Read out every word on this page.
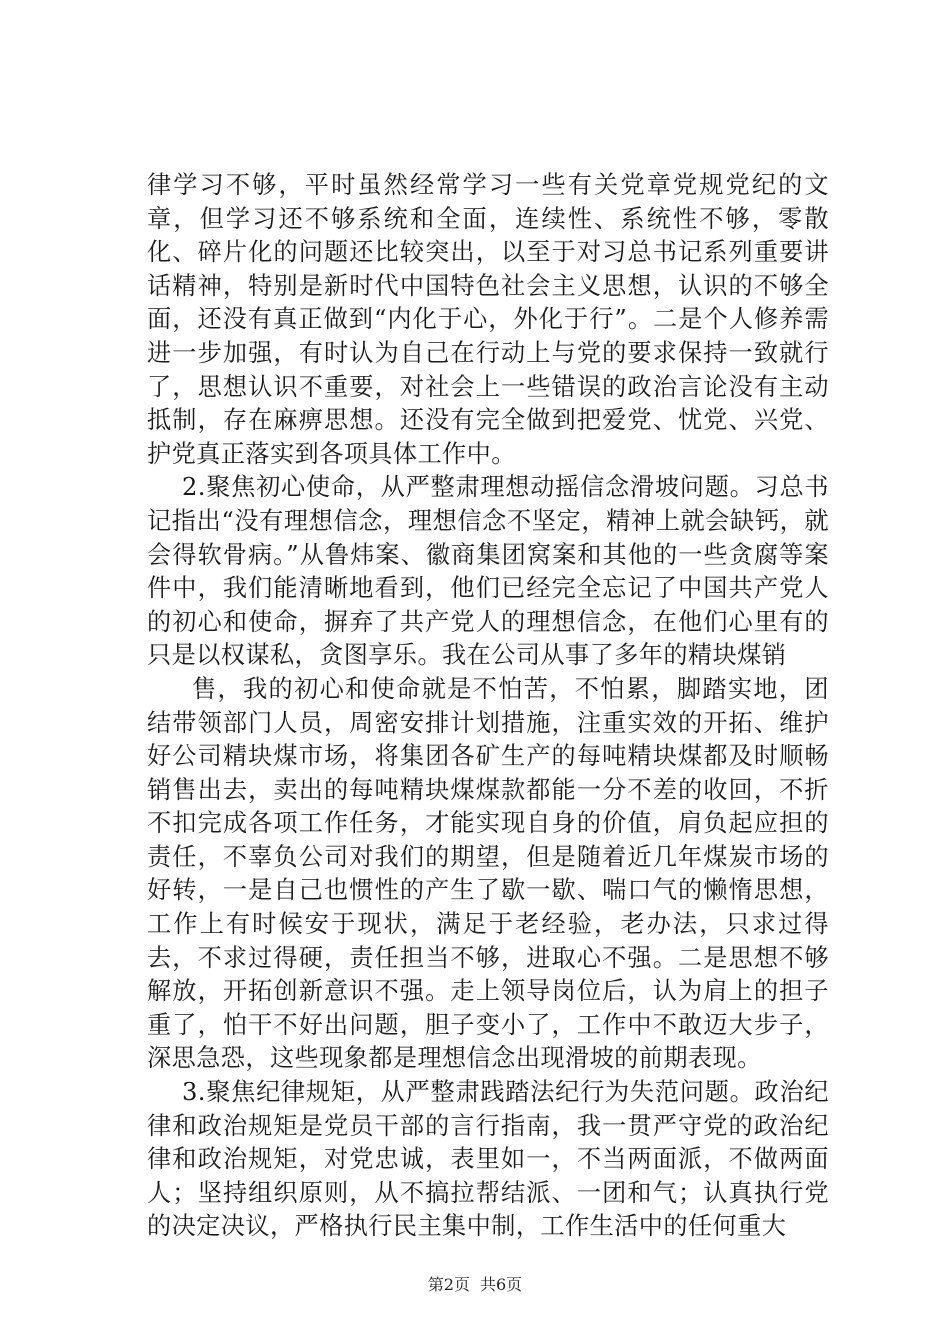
律学习不够，平时虽然经常学习一些有关党章党规党纪的文章，但学习还不够系统和全面，连续性、系统性不够，零散化、碎片化的问题还比较突出，以至于对习总书记系列重要讲话精神，特别是新时代中国特色社会主义思想，认识的不够全面，还没有真正做到“内化于心，外化于行”。二是个人修养需进一步加强，有时认为自己在行动上与党的要求保持一致就行了，思想认识不重要，对社会上一些错误的政治言论没有主动抵制，存在麻痹思想。还没有完全做到把爱党、忧党、兴党、护党真正落实到各项具体工作中。

2.聚焦初心使命，从严整肃理想动摇信念滑坡问题。习总书记指出“没有理想信念，理想信念不坚定，精神上就会缺钙，就会得软骨病。”从鲁炜案、徽商集团窝案和其他的一些贪腐等案件中，我们能清晰地看到，他们已经完全忘记了中国共产党人的初心和使命，摒弃了共产党人的理想信念，在他们心里有的只是以权谋私，贪图享乐。我在公司从事了多年的精块煤销

售，我的初心和使命就是不怕苦，不怕累，脚踏实地，团结带领部门人员，周密安排计划措施，注重实效的开拓、维护好公司精块煤市场，将集团各矿生产的每吨精块煤都及时顺畅销售出去，卖出的每吨精块煤煤款都能一分不差的收回，不折不扣完成各项工作任务，才能实现自身的价值，肩负起应担的责任，不辜负公司对我们的期望，但是随着近几年煤炭市场的好转，一是自己也惯性的产生了歇一歇、喘口气的懒惰思想，工作上有时候安于现状，满足于老经验，老办法，只求过得去，不求过得硬，责任担当不够，进取心不强。二是思想不够解放，开拓创新意识不强。走上领导岗位后，认为肩上的担子重了，怕干不好出问题，胆子变小了，工作中不敢迈大步子，深思急恐，这些现象都是理想信念出现滑坡的前期表现。

3.聚焦纪律规矩，从严整肃践踏法纪行为失范问题。政治纪律和政治规矩是党员干部的言行指南，我一贯严守党的政治纪律和政治规矩，对党忠诚，表里如一，不当两面派，不做两面人；坚持组织原则，从不搞拉帮结派、一团和气；认真执行党的决定决议，严格执行民主集中制，工作生活中的任何重大

第2页 共6页
